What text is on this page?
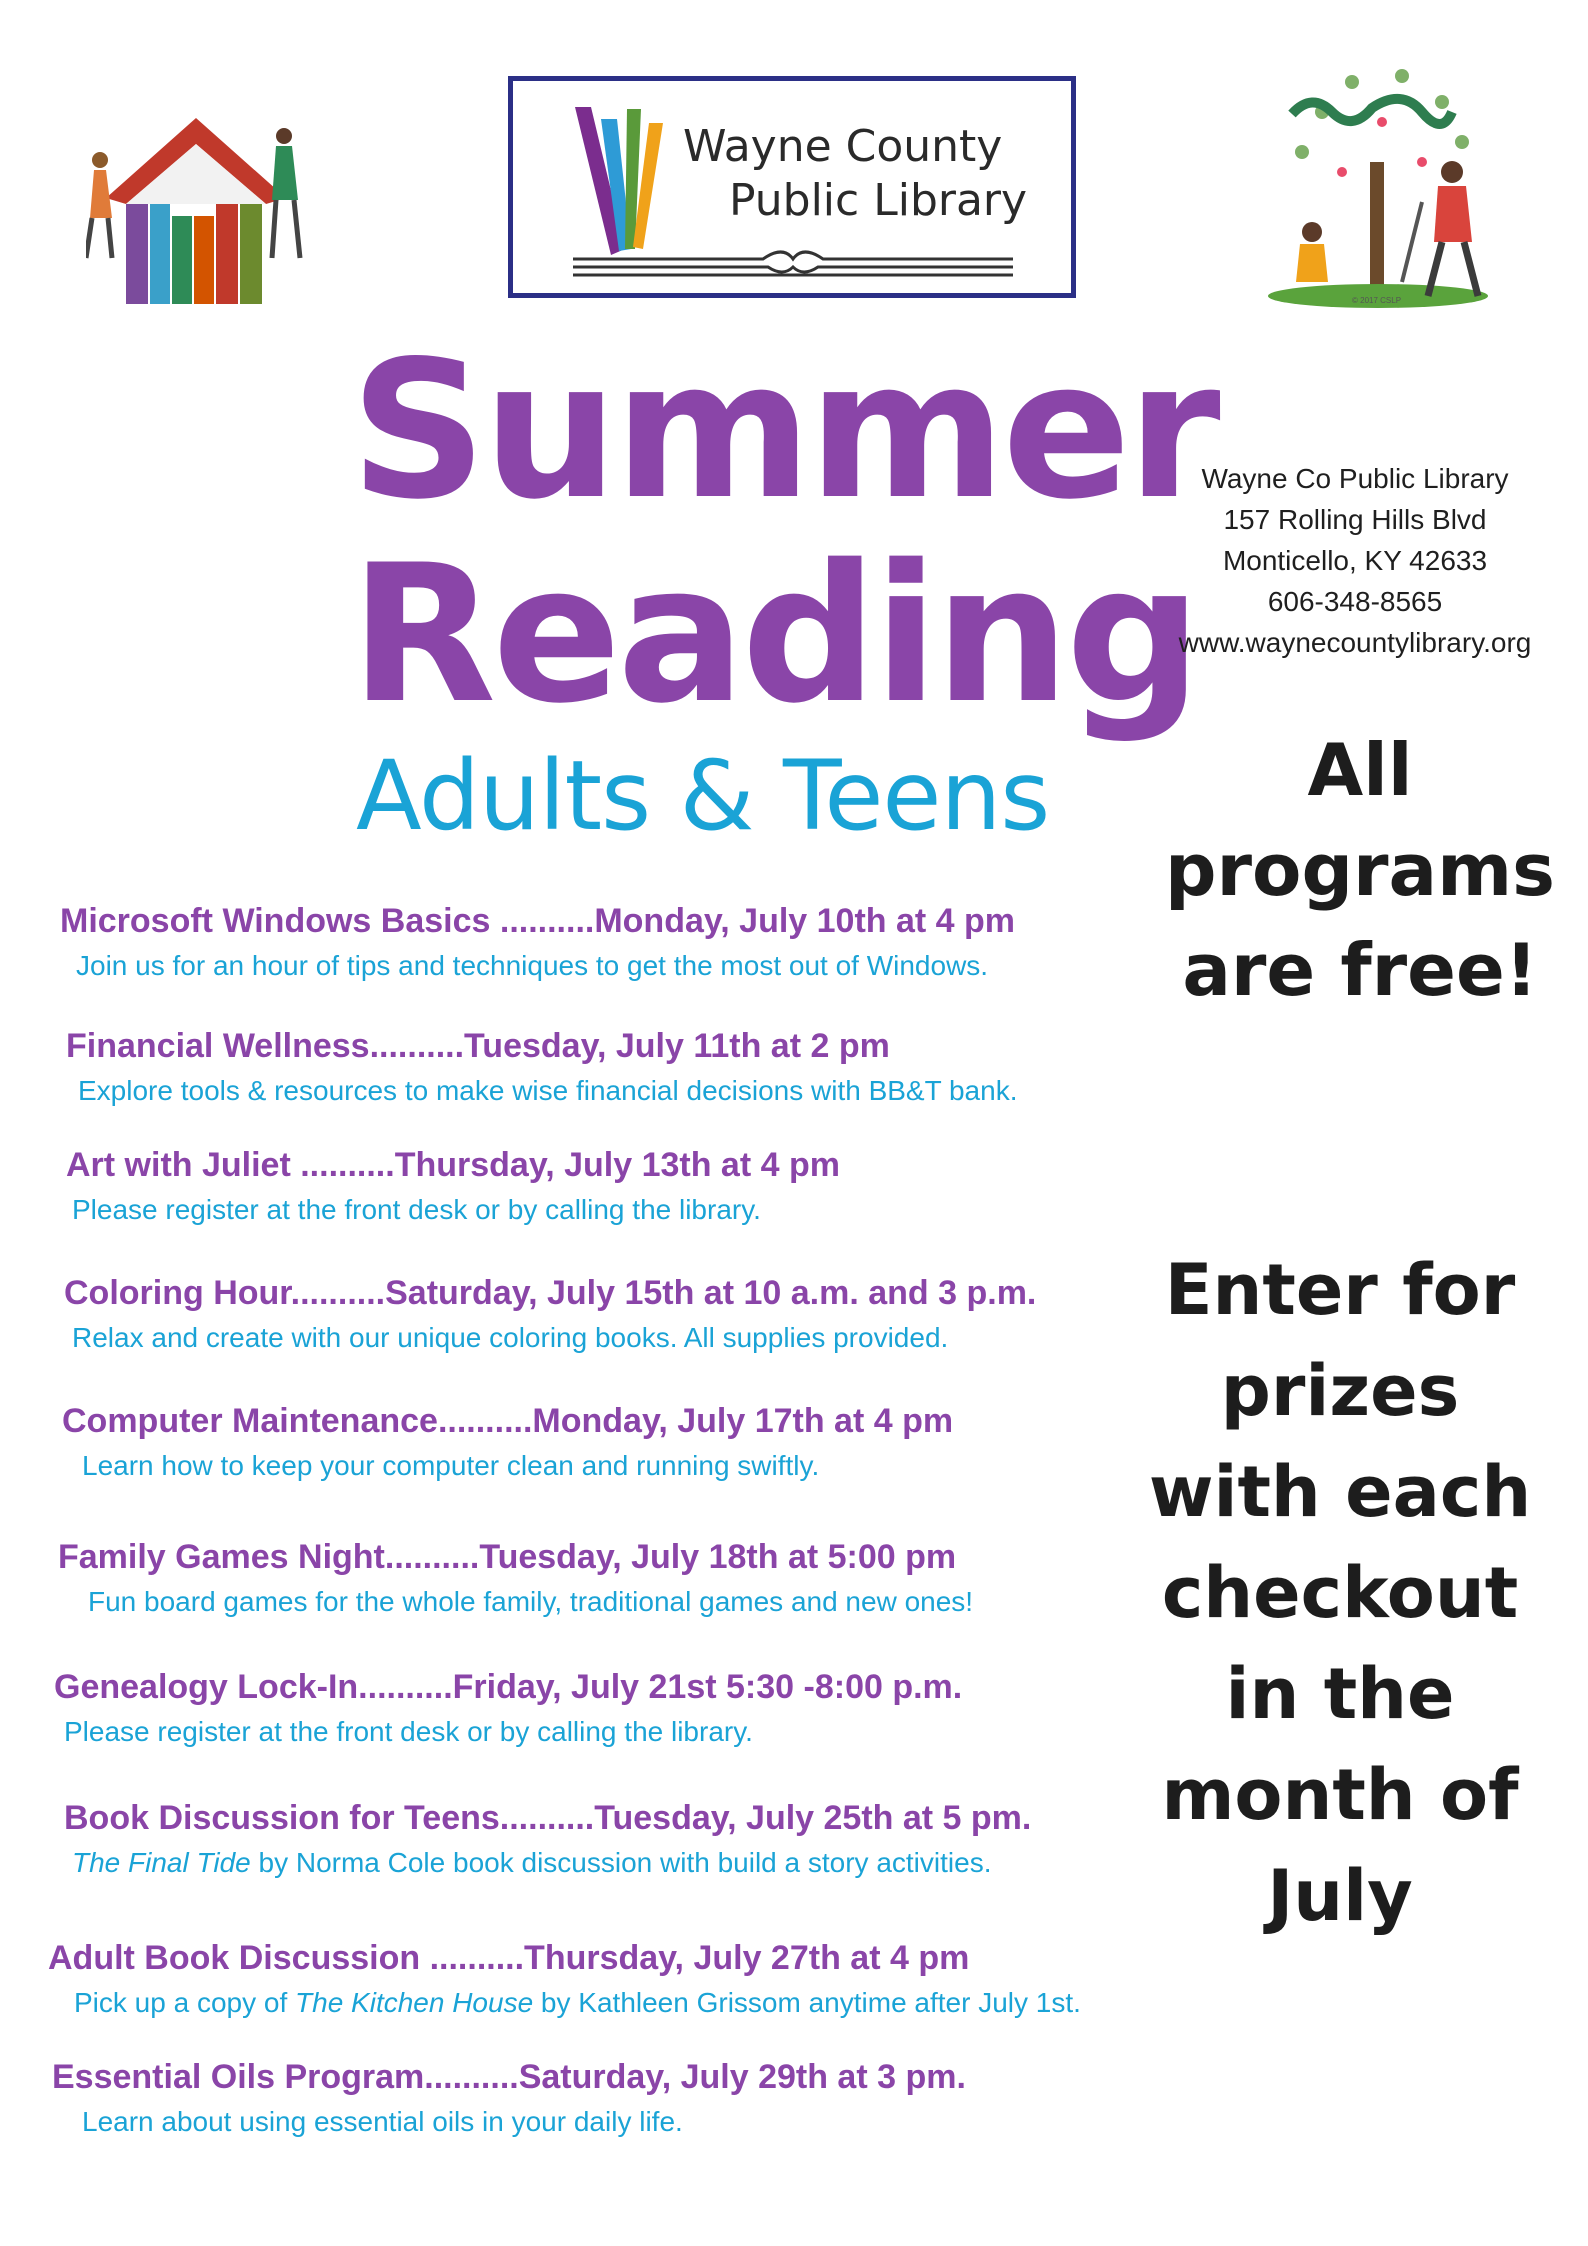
Wayne County
Public Library
© 2017 CSLP
Summer
Reading
Adults & Teens
Wayne Co Public Library
157 Rolling Hills Blvd
Monticello, KY 42633
606-348-8565
www.waynecountylibrary.org
All
programs
are free!
Enter for
prizes
with each
checkout
in the
month of
July
Microsoft Windows Basics ..........Monday, July 10th at 4 pm
Join us for an hour of tips and techniques to get the most out of Windows.
Financial Wellness..........Tuesday, July 11th at 2 pm
Explore tools & resources to make wise financial decisions with BB&T bank.
Art with Juliet ..........Thursday, July 13th at 4 pm
Please register at the front desk or by calling the library.
Coloring Hour..........Saturday, July 15th at 10 a.m. and 3 p.m.
Relax and create with our unique coloring books. All supplies provided.
Computer Maintenance..........Monday, July 17th at 4 pm
Learn how to keep your computer clean and running swiftly.
Family Games Night..........Tuesday, July 18th at 5:00 pm
Fun board games for the whole family, traditional games and new ones!
Genealogy Lock-In..........Friday, July 21st 5:30 -8:00 p.m.
Please register at the front desk or by calling the library.
Book Discussion for Teens..........Tuesday, July 25th at 5 pm.
The Final Tide by Norma Cole book discussion with build a story activities.
Adult Book Discussion ..........Thursday, July 27th at 4 pm
Pick up a copy of The Kitchen House by Kathleen Grissom anytime after July 1st.
Essential Oils Program..........Saturday, July 29th at 3 pm.
Learn about using essential oils in your daily life.
